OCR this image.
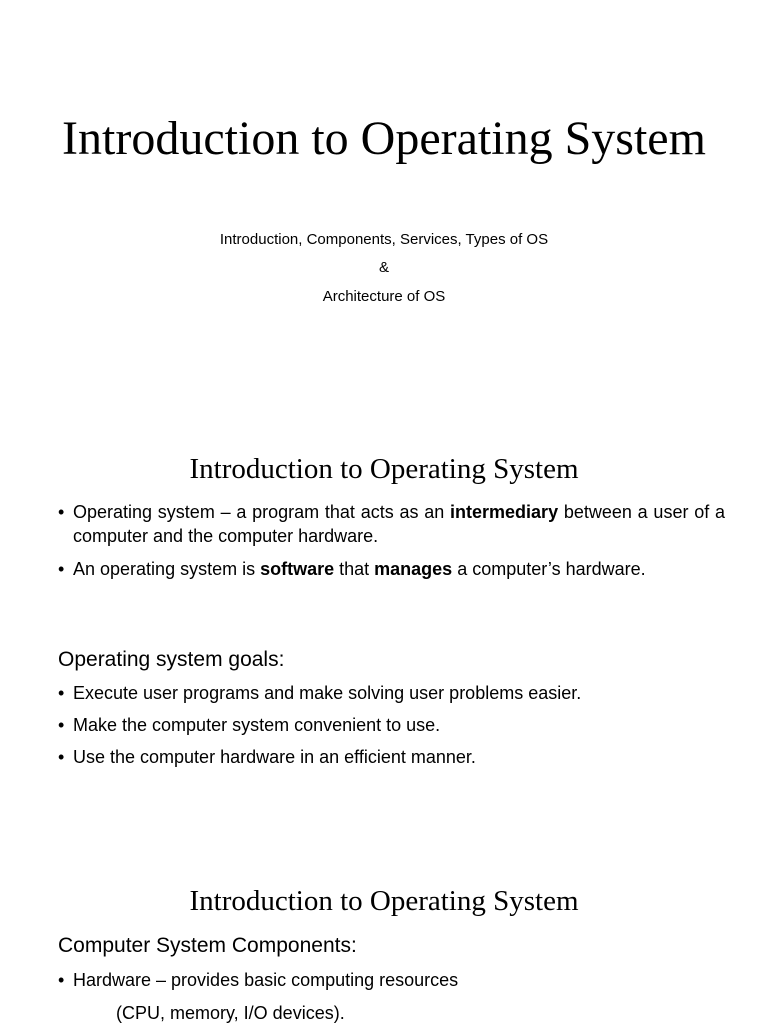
Introduction to Operating System
Introduction, Components, Services, Types of OS
&
Architecture of OS
Introduction to Operating System
• Operating system – a program that acts as an intermediary between a user of a computer and the computer hardware.
• An operating system is software that manages a computer’s hardware.
Operating system goals:
• Execute user programs and make solving user problems easier.
• Make the computer system convenient to use.
• Use the computer hardware in an efficient manner.
Introduction to Operating System
Computer System Components:
• Hardware – provides basic computing resources
(CPU, memory, I/O devices).
